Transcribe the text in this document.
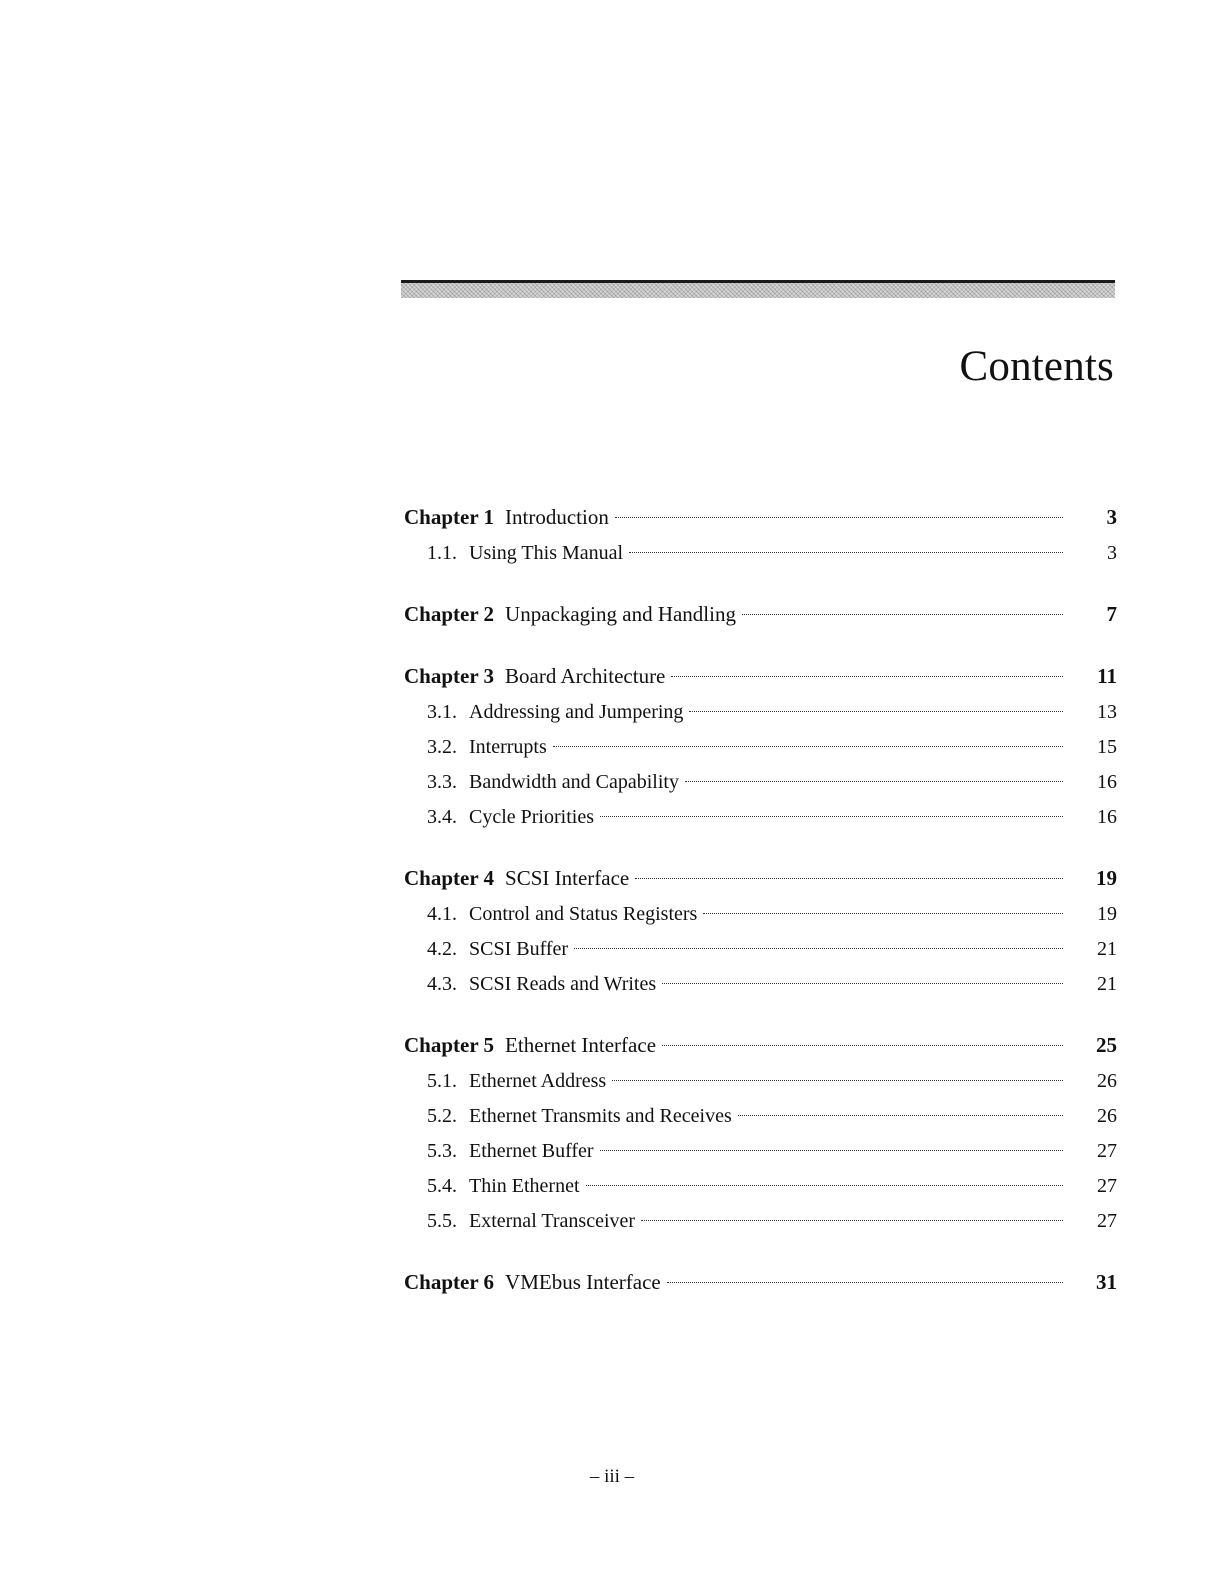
Contents
Chapter 1 Introduction	3
1.1. Using This Manual	3
Chapter 2 Unpackaging and Handling	7
Chapter 3 Board Architecture	11
3.1. Addressing and Jumpering	13
3.2. Interrupts	15
3.3. Bandwidth and Capability	16
3.4. Cycle Priorities	16
Chapter 4 SCSI Interface	19
4.1. Control and Status Registers	19
4.2. SCSI Buffer	21
4.3. SCSI Reads and Writes	21
Chapter 5 Ethernet Interface	25
5.1. Ethernet Address	26
5.2. Ethernet Transmits and Receives	26
5.3. Ethernet Buffer	27
5.4. Thin Ethernet	27
5.5. External Transceiver	27
Chapter 6 VMEbus Interface	31
– iii –
